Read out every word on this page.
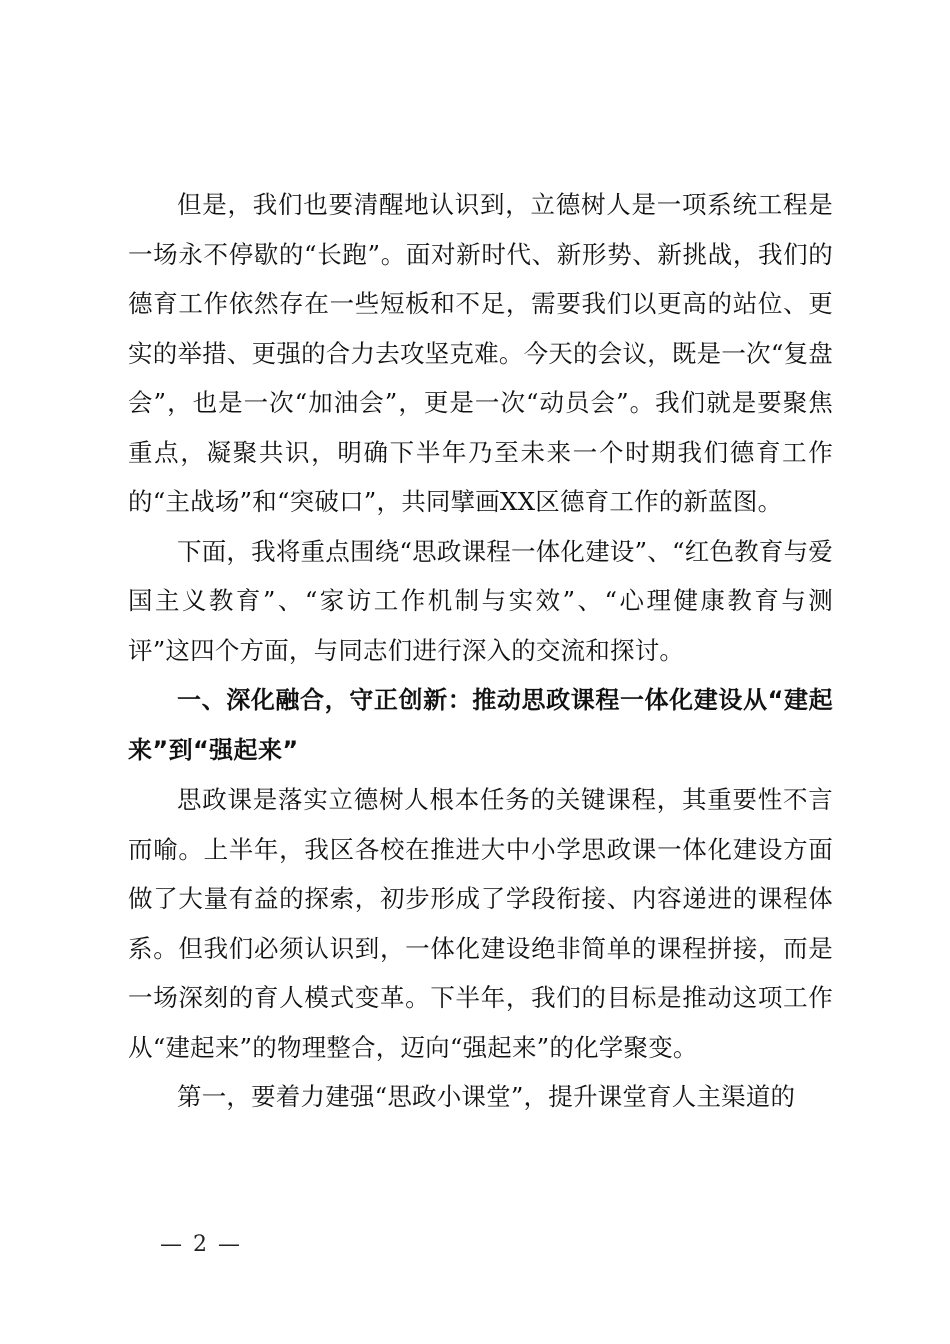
但是，我们也要清醒地认识到，立德树人是一项系统工程是一场永不停歇的“长跑”。面对新时代、新形势、新挑战，我们的德育工作依然存在一些短板和不足，需要我们以更高的站位、更实的举措、更强的合力去攻坚克难。今天的会议，既是一次“复盘会”，也是一次“加油会”，更是一次“动员会”。我们就是要聚焦重点，凝聚共识，明确下半年乃至未来一个时期我们德育工作的“主战场”和“突破口”，共同擘画XX区德育工作的新蓝图。

下面，我将重点围绕“思政课程一体化建设”、“红色教育与爱国主义教育”、“家访工作机制与实效”、“心理健康教育与测评”这四个方面，与同志们进行深入的交流和探讨。

一、深化融合，守正创新：推动思政课程一体化建设从“建起来”到“强起来”

思政课是落实立德树人根本任务的关键课程，其重要性不言而喻。上半年，我区各校在推进大中小学思政课一体化建设方面做了大量有益的探索，初步形成了学段衔接、内容递进的课程体系。但我们必须认识到，一体化建设绝非简单的课程拼接，而是一场深刻的育人模式变革。下半年，我们的目标是推动这项工作从“建起来”的物理整合，迈向“强起来”的化学聚变。

第一，要着力建强“思政小课堂”，提升课堂育人主渠道的

— 2 —
